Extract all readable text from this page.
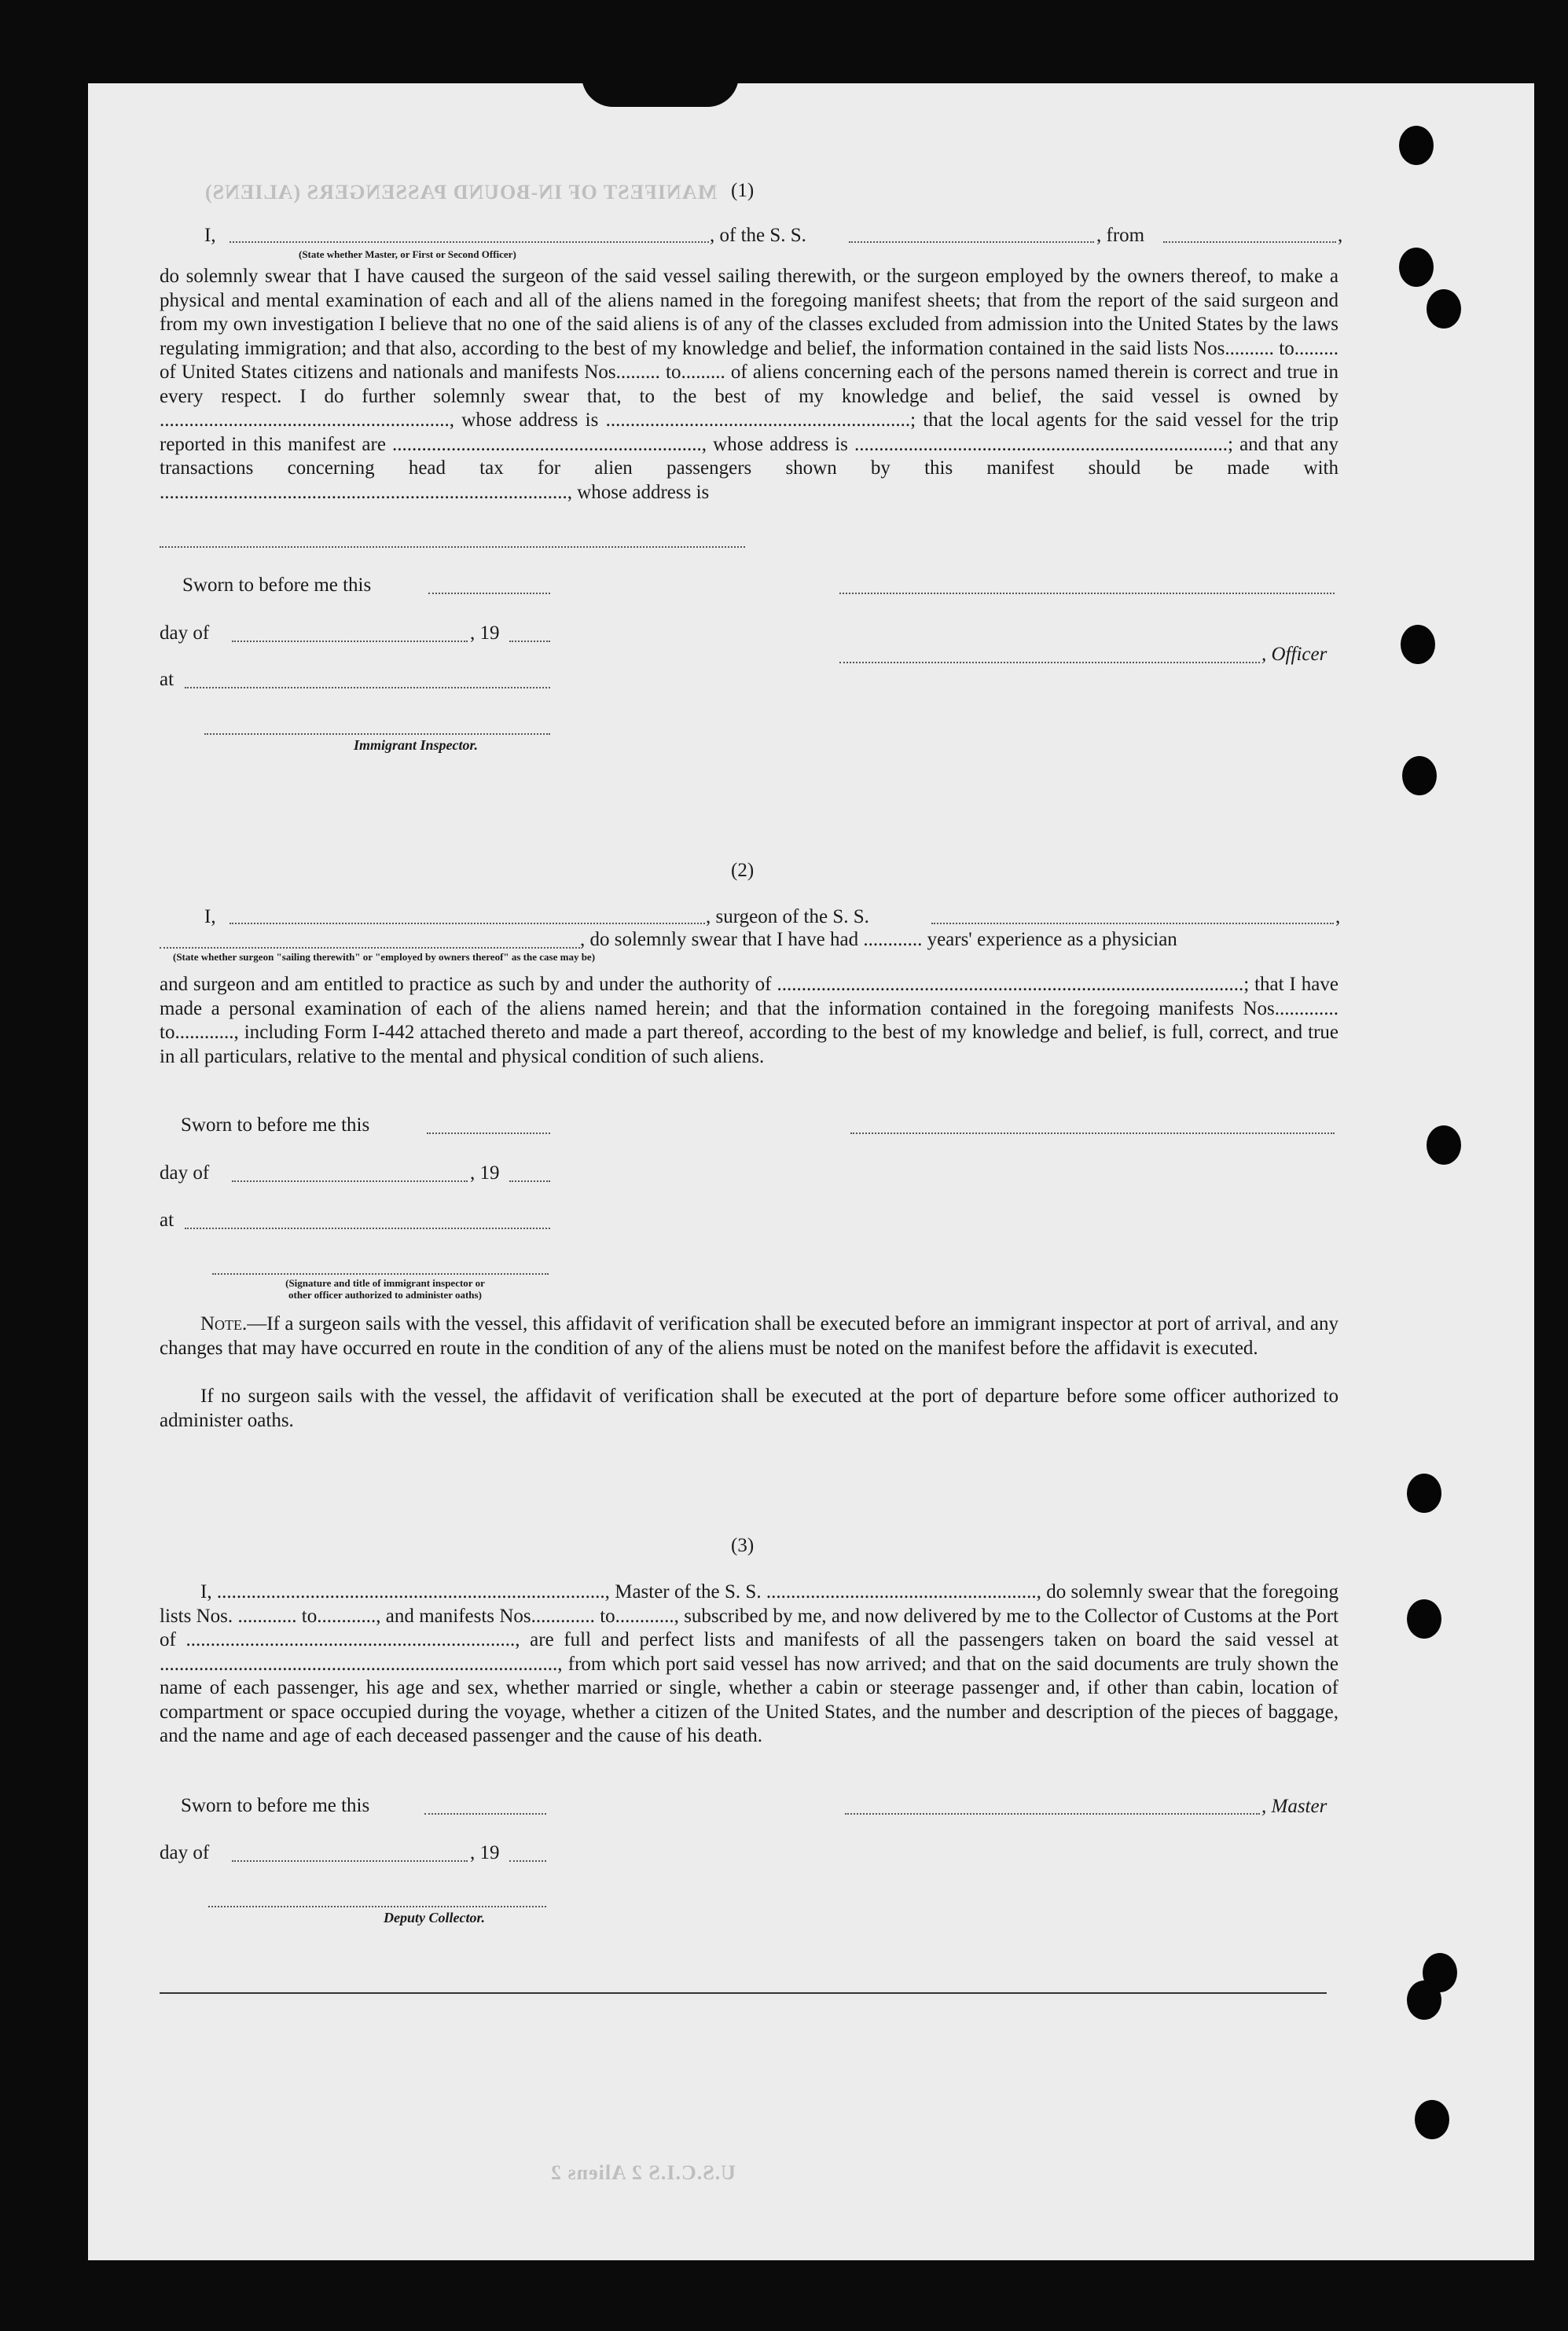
MANIFEST OF IN-BOUND PASSENGERS (ALIENS)
U.S.C.I.S 2 Aliens 2
(1)
I,	, of the S. S.	, from	,
(State whether Master, or First or Second Officer)
do solemnly swear that I have caused the surgeon of the said vessel sailing therewith, or the surgeon employed by the owners thereof, to make a physical and mental examination of each and all of the aliens named in the foregoing manifest sheets; that from the report of the said surgeon and from my own investigation I believe that no one of the said aliens is of any of the classes excluded from admission into the United States by the laws regulating immigration; and that also, according to the best of my knowledge and belief, the information contained in the said lists Nos.......... to......... of United States citizens and nationals and manifests Nos......... to......... of aliens concerning each of the persons named therein is correct and true in every respect. I do further solemnly swear that, to the best of my knowledge and belief, the said vessel is owned by ..........................................................., whose address is ..............................................................; that the local agents for the said vessel for the trip reported in this manifest are ..............................................................., whose address is ............................................................................; and that any transactions concerning head tax for alien passengers shown by this manifest should be made with ..................................................................................., whose address is
Sworn to before me this
day of	, 19
, Officer
at
Immigrant Inspector.
(2)
I,	, surgeon of the S. S.	,
, do solemnly swear that I have had ............ years' experience as a physician
(State whether surgeon "sailing therewith" or "employed by owners thereof" as the case may be)
and surgeon and am entitled to practice as such by and under the authority of ...............................................................................................; that I have made a personal examination of each of the aliens named herein; and that the information contained in the foregoing manifests Nos............. to............, including Form I-442 attached thereto and made a part thereof, according to the best of my knowledge and belief, is full, correct, and true in all particulars, relative to the mental and physical condition of such aliens.
Sworn to before me this
day of	, 19
at
(Signature and title of immigrant inspector or
other officer authorized to administer oaths)
Note.—If a surgeon sails with the vessel, this affidavit of verification shall be executed before an immigrant inspector at port of arrival, and any changes that may have occurred en route in the condition of any of the aliens must be noted on the manifest before the affidavit is executed.
If no surgeon sails with the vessel, the affidavit of verification shall be executed at the port of departure before some officer authorized to administer oaths.
(3)
I, ..............................................................................., Master of the S. S. ......................................................., do solemnly swear that the foregoing lists Nos. ............ to............, and manifests Nos............. to............, subscribed by me, and now delivered by me to the Collector of Customs at the Port of ..................................................................., are full and perfect lists and manifests of all the passengers taken on board the said vessel at ................................................................................., from which port said vessel has now arrived; and that on the said documents are truly shown the name of each passenger, his age and sex, whether married or single, whether a cabin or steerage passenger and, if other than cabin, location of compartment or space occupied during the voyage, whether a citizen of the United States, and the number and description of the pieces of baggage, and the name and age of each deceased passenger and the cause of his death.
Sworn to before me this	, Master
day of	, 19
Deputy Collector.
